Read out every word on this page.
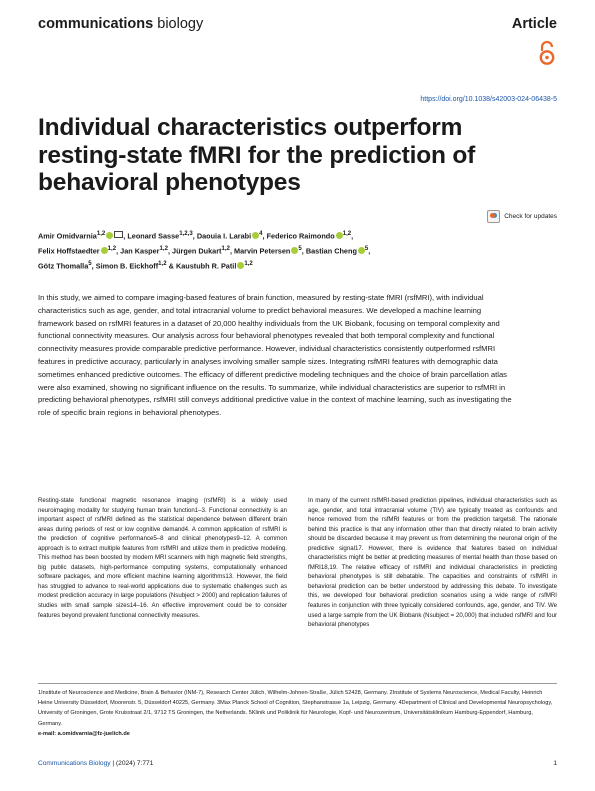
communications biology	Article
https://doi.org/10.1038/s42003-024-06438-5
Individual characteristics outperform resting-state fMRI for the prediction of behavioral phenotypes
Check for updates
Amir Omidvarnia$^{1,2}$ , Leonard Sasse$^{1,2,3}$, Daouia I. Larabi $^4$, Federico Raimondo $^{1,2}$,
Felix Hoffstaedter $^{1,2}$, Jan Kasper$^{1,2}$, Jürgen Dukart$^{1,2}$, Marvin Petersen $^5$, Bastian Cheng $^5$,
Götz Thomalla$^5$, Simon B. Eickhoff$^{1,2}$ & Kaustubh R. Patil $^{1,2}$

In this study, we aimed to compare imaging-based features of brain function, measured by resting-state fMRI (rsfMRI), with individual characteristics such as age, gender, and total intracranial volume to predict behavioral measures. We developed a machine learning framework based on rsfMRI features in a dataset of 20,000 healthy individuals from the UK Biobank, focusing on temporal complexity and functional connectivity measures. Our analysis across four behavioral phenotypes revealed that both temporal complexity and functional connectivity measures provide comparable predictive performance. However, individual characteristics consistently outperformed rsfMRI features in predictive accuracy, particularly in analyses involving smaller sample sizes. Integrating rsfMRI features with demographic data sometimes enhanced predictive outcomes. The efficacy of different predictive modeling techniques and the choice of brain parcellation atlas were also examined, showing no significant influence on the results. To summarize, while individual characteristics are superior to rsfMRI in predicting behavioral phenotypes, rsfMRI still conveys additional predictive value in the context of machine learning, such as investigating the role of specific brain regions in behavioral phenotypes.

Resting-state functional magnetic resonance imaging (rsfMRI) is a widely used neuroimaging modality for studying human brain function1–3. Functional connectivity is an important aspect of rsfMRI defined as the statistical dependence between different brain areas during periods of rest or low cognitive demand4. A common application of rsfMRI is the prediction of cognitive performance5–8 and clinical phenotypes9–12. A common approach is to extract multiple features from rsfMRI and utilize them in predictive modeling. This method has been boosted by modern MRI scanners with high magnetic field strengths, big public datasets, high-performance computing systems, computationally enhanced software packages, and more efficient machine learning algorithms13. However, the field has struggled to advance to real-world applications due to systematic challenges such as modest prediction accuracy in large populations (Nsubject > 2000) and replication failures of studies with small sample sizes14–16. An effective improvement could be to consider features beyond prevalent functional connectivity measures.

In many of the current rsfMRI-based prediction pipelines, individual characteristics such as age, gender, and total intracranial volume (TIV) are typically treated as confounds and hence removed from the rsfMRI features or from the prediction targets8. The rationale behind this practice is that any information other than that directly related to brain activity should be discarded because it may prevent us from determining the neuronal origin of the predictive signal17. However, there is evidence that features based on individual characteristics might be better at predicting measures of mental health than those based on fMRI18,19. The relative efficacy of rsfMRI and individual characteristics in predicting behavioral phenotypes is still debatable. The capacities and constraints of rsfMRI in behavioral prediction can be better understood by addressing this debate. To investigate this, we developed four behavioral prediction scenarios using a wide range of rsfMRI features in conjunction with three typically considered confounds, age, gender, and TIV. We used a large sample from the UK Biobank (Nsubject = 20,000) that included rsfMRI and four behavioral phenotypes

1Institute of Neuroscience and Medicine, Brain & Behavior (INM-7), Research Center Jülich, Wilhelm-Johnen-Straße, Jülich 52428, Germany. 2Institute of Systems Neuroscience, Medical Faculty, Heinrich Heine University Düsseldorf, Moorenstr. 5, Düsseldorf 40225, Germany. 3Max Planck School of Cognition, Stephanstrasse 1a, Leipzig, Germany. 4Department of Clinical and Developmental Neuropsychology, University of Groningen, Grote Kruisstraat 2/1, 9712 TS Groningen, the Netherlands. 5Klinik und Poliklinik für Neurologie, Kopf- und Neurozentrum, Universitätsklinikum Hamburg-Eppendorf, Hamburg, Germany.
e-mail: a.omidvarnia@fz-juelich.de

Communications Biology | (2024) 7:771	1
